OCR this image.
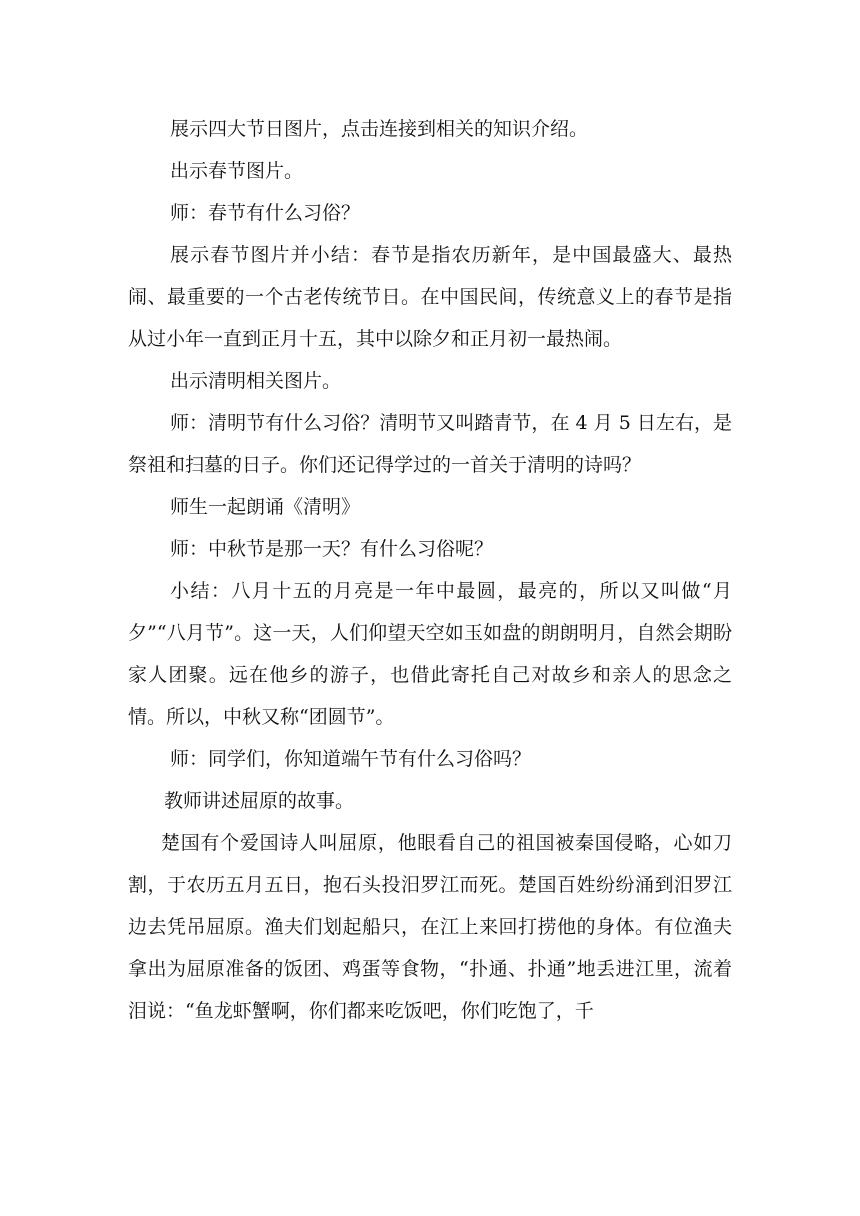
展示四大节日图片，点击连接到相关的知识介绍。

出示春节图片。

师：春节有什么习俗？

展示春节图片并小结：春节是指农历新年，是中国最盛大、最热闹、最重要的一个古老传统节日。在中国民间，传统意义上的春节是指从过小年一直到正月十五，其中以除夕和正月初一最热闹。

出示清明相关图片。

师：清明节有什么习俗？清明节又叫踏青节，在 4 月 5 日左右，是祭祖和扫墓的日子。你们还记得学过的一首关于清明的诗吗？

师生一起朗诵《清明》

师：中秋节是那一天？有什么习俗呢？

小结：八月十五的月亮是一年中最圆，最亮的，所以又叫做“月夕”“八月节”。这一天，人们仰望天空如玉如盘的朗朗明月，自然会期盼家人团聚。远在他乡的游子，也借此寄托自己对故乡和亲人的思念之情。所以，中秋又称“团圆节”。

师：同学们，你知道端午节有什么习俗吗？

教师讲述屈原的故事。

楚国有个爱国诗人叫屈原，他眼看自己的祖国被秦国侵略，心如刀割，于农历五月五日，抱石头投汨罗江而死。楚国百姓纷纷涌到汨罗江边去凭吊屈原。渔夫们划起船只，在江上来回打捞他的身体。有位渔夫拿出为屈原准备的饭团、鸡蛋等食物，“扑通、扑通”地丢进江里，流着泪说：“鱼龙虾蟹啊，你们都来吃饭吧，你们吃饱了，千
